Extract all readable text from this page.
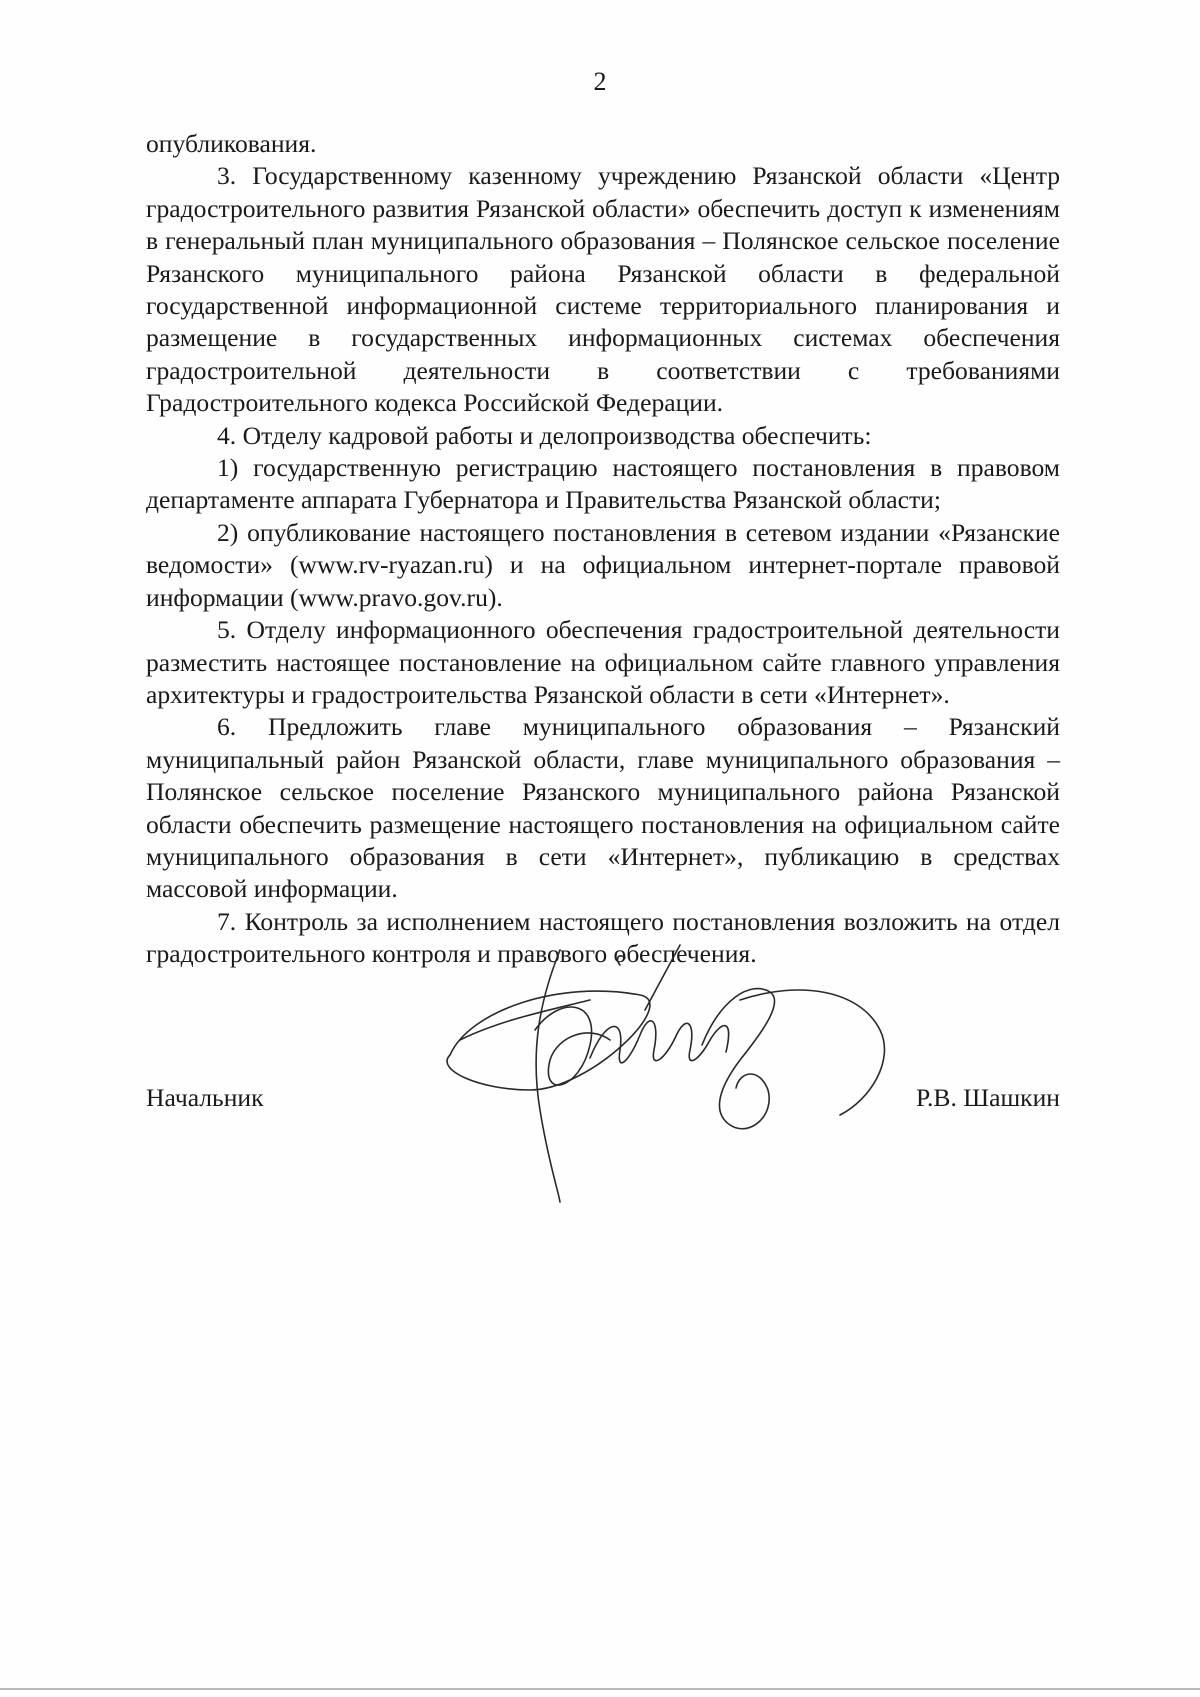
2

опубликования.

3. Государственному казенному учреждению Рязанской области «Центр градостроительного развития Рязанской области» обеспечить доступ к изменениям в генеральный план муниципального образования – Полянское сельское поселение Рязанского муниципального района Рязанской области в федеральной государственной информационной системе территориального планирования и размещение в государственных информационных системах обеспечения градостроительной деятельности в соответствии с требованиями Градостроительного кодекса Российской Федерации.

4. Отделу кадровой работы и делопроизводства обеспечить:

1) государственную регистрацию настоящего постановления в правовом департаменте аппарата Губернатора и Правительства Рязанской области;

2) опубликование настоящего постановления в сетевом издании «Рязанские ведомости» (www.rv-ryazan.ru) и на официальном интернет-портале правовой информации (www.pravo.gov.ru).

5. Отделу информационного обеспечения градостроительной деятельности разместить настоящее постановление на официальном сайте главного управления архитектуры и градостроительства Рязанской области в сети «Интернет».

6. Предложить главе муниципального образования – Рязанский муниципальный район Рязанской области, главе муниципального образования – Полянское сельское поселение Рязанского муниципального района Рязанской области обеспечить размещение настоящего постановления на официальном сайте муниципального образования в сети «Интернет», публикацию в средствах массовой информации.

7. Контроль за исполнением настоящего постановления возложить на отдел градостроительного контроля и правового обеспечения.

Начальник	Р.В. Шашкин
